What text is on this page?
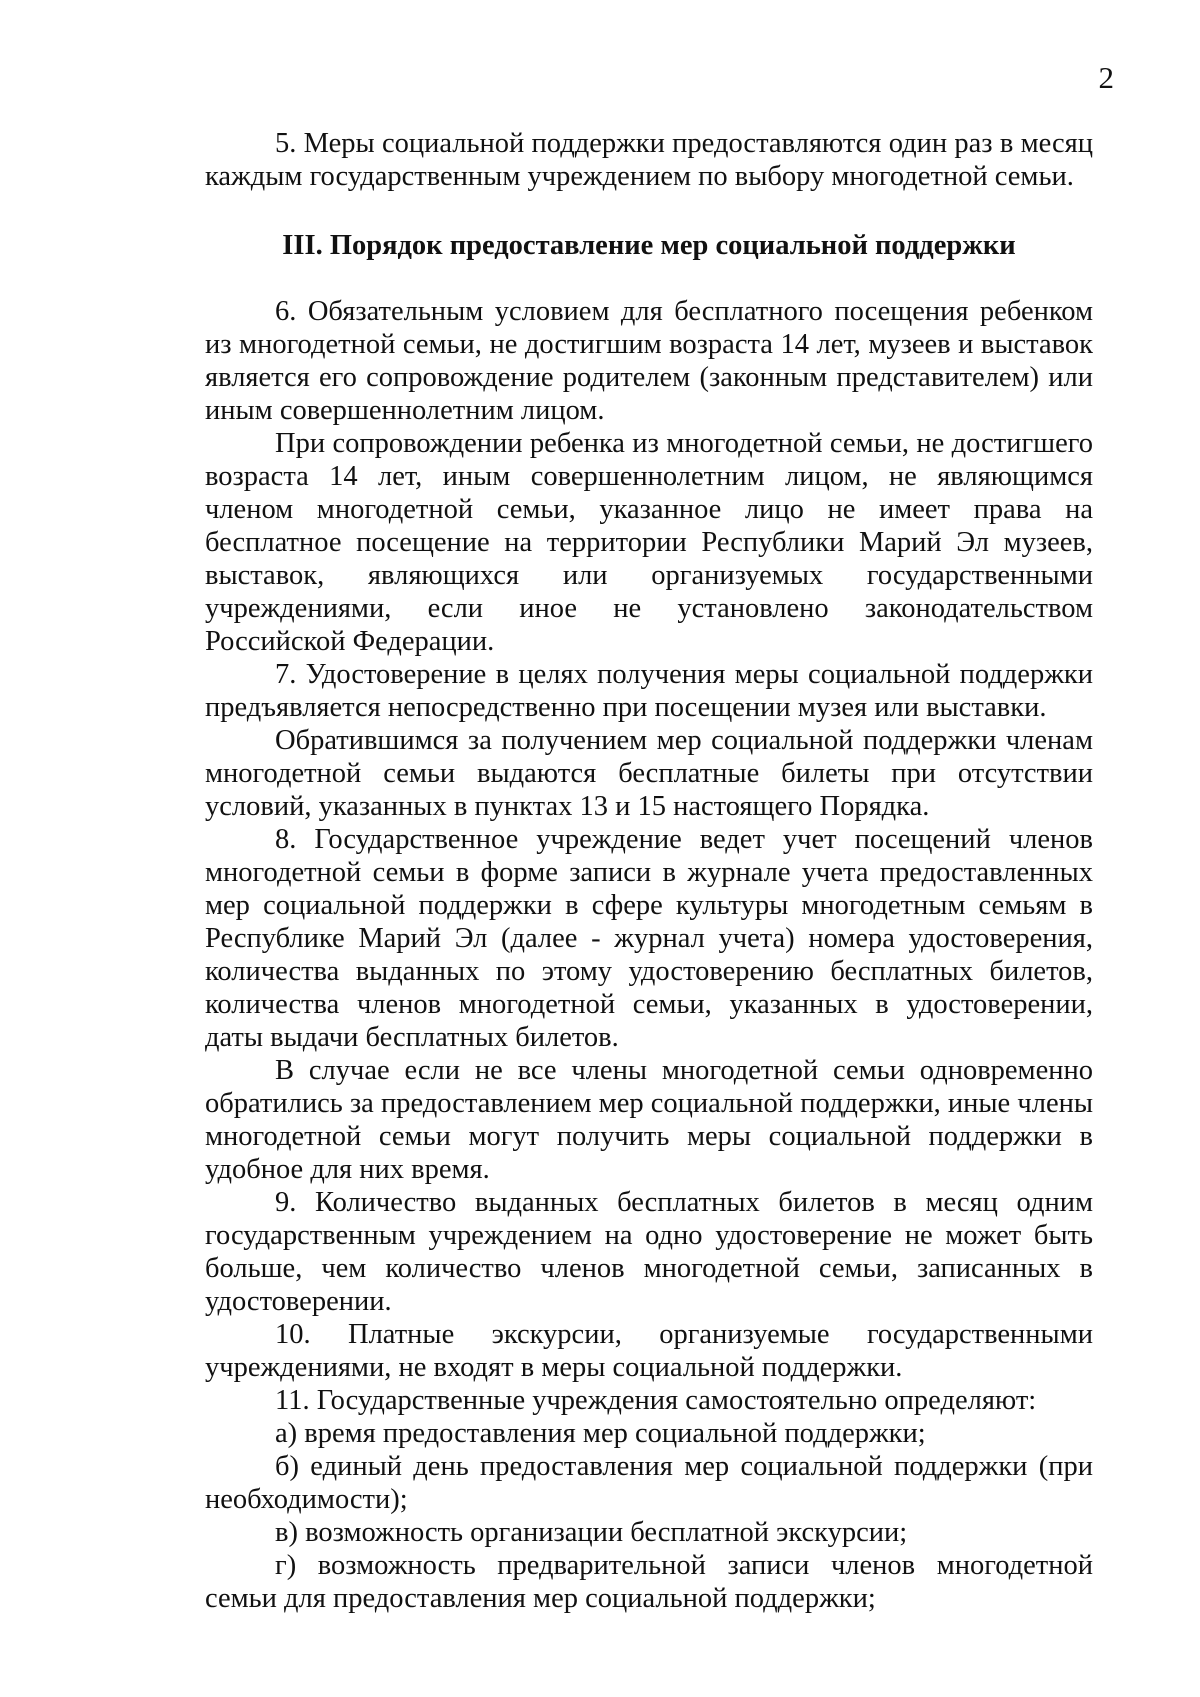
2

5. Меры социальной поддержки предоставляются один раз в месяц каждым государственным учреждением по выбору многодетной семьи.

III. Порядок предоставление мер социальной поддержки

6. Обязательным условием для бесплатного посещения ребенком из многодетной семьи, не достигшим возраста 14 лет, музеев и выставок является его сопровождение родителем (законным представителем) или иным совершеннолетним лицом.

При сопровождении ребенка из многодетной семьи, не достигшего возраста 14 лет, иным совершеннолетним лицом, не являющимся членом многодетной семьи, указанное лицо не имеет права на бесплатное посещение на территории Республики Марий Эл музеев, выставок, являющихся или организуемых государственными учреждениями, если иное не установлено законодательством Российской Федерации.

7. Удостоверение в целях получения меры социальной поддержки предъявляется непосредственно при посещении музея или выставки.

Обратившимся за получением мер социальной поддержки членам многодетной семьи выдаются бесплатные билеты при отсутствии условий, указанных в пунктах 13 и 15 настоящего Порядка.

8. Государственное учреждение ведет учет посещений членов многодетной семьи в форме записи в журнале учета предоставленных мер социальной поддержки в сфере культуры многодетным семьям в Республике Марий Эл (далее - журнал учета) номера удостоверения, количества выданных по этому удостоверению бесплатных билетов, количества членов многодетной семьи, указанных в удостоверении, даты выдачи бесплатных билетов.

В случае если не все члены многодетной семьи одновременно обратились за предоставлением мер социальной поддержки, иные члены многодетной семьи могут получить меры социальной поддержки в удобное для них время.

9. Количество выданных бесплатных билетов в месяц одним государственным учреждением на одно удостоверение не может быть больше, чем количество членов многодетной семьи, записанных в удостоверении.

10. Платные экскурсии, организуемые государственными учреждениями, не входят в меры социальной поддержки.

11. Государственные учреждения самостоятельно определяют:

а) время предоставления мер социальной поддержки;

б) единый день предоставления мер социальной поддержки (при необходимости);

в) возможность организации бесплатной экскурсии;

г) возможность предварительной записи членов многодетной семьи для предоставления мер социальной поддержки;
